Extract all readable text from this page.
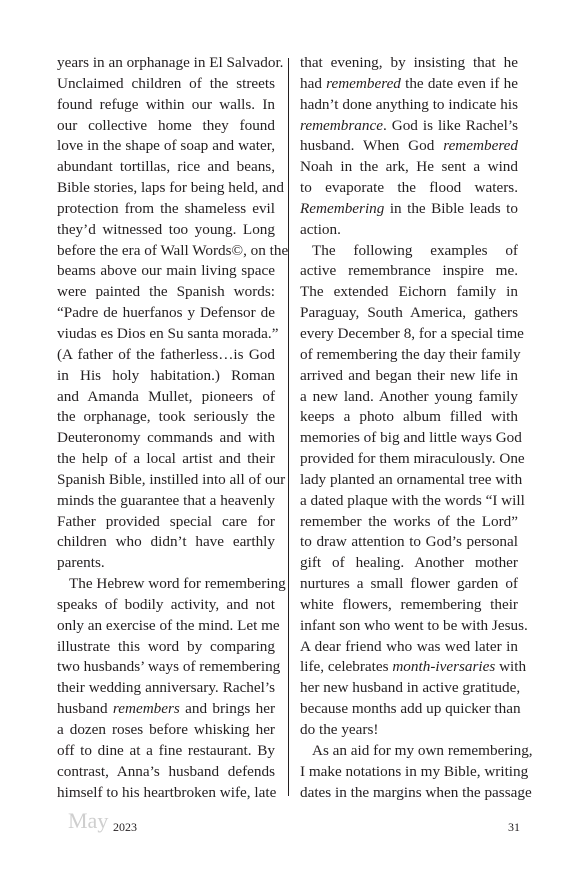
years in an orphanage in El Salvador.
Unclaimed children of the streets
found refuge within our walls. In
our collective home they found
love in the shape of soap and water,
abundant tortillas, rice and beans,
Bible stories, laps for being held, and
protection from the shameless evil
they’d witnessed too young. Long
before the era of Wall Words©, on the
beams above our main living space
were painted the Spanish words:
“Padre de huerfanos y Defensor de
viudas es Dios en Su santa morada.”
(A father of the fatherless…is God
in His holy habitation.) Roman
and Amanda Mullet, pioneers of
the orphanage, took seriously the
Deuteronomy commands and with
the help of a local artist and their
Spanish Bible, instilled into all of our
minds the guarantee that a heavenly
Father provided special care for
children who didn’t have earthly
parents.
The Hebrew word for remembering
speaks of bodily activity, and not
only an exercise of the mind. Let me
illustrate this word by comparing
two husbands’ ways of remembering
their wedding anniversary. Rachel’s
husband remembers and brings her
a dozen roses before whisking her
off to dine at a fine restaurant. By
contrast, Anna’s husband defends
himself to his heartbroken wife, late
that evening, by insisting that he
had remembered the date even if he
hadn’t done anything to indicate his
remembrance. God is like Rachel’s
husband. When God remembered
Noah in the ark, He sent a wind
to evaporate the flood waters.
Remembering in the Bible leads to
action.
The following examples of
active remembrance inspire me.
The extended Eichorn family in
Paraguay, South America, gathers
every December 8, for a special time
of remembering the day their family
arrived and began their new life in
a new land. Another young family
keeps a photo album filled with
memories of big and little ways God
provided for them miraculously. One
lady planted an ornamental tree with
a dated plaque with the words “I will
remember the works of the Lord”
to draw attention to God’s personal
gift of healing. Another mother
nurtures a small flower garden of
white flowers, remembering their
infant son who went to be with Jesus.
A dear friend who was wed later in
life, celebrates month-iversaries with
her new husband in active gratitude,
because months add up quicker than
do the years!
As an aid for my own remembering,
I make notations in my Bible, writing
dates in the margins when the passage
May 2023	31
